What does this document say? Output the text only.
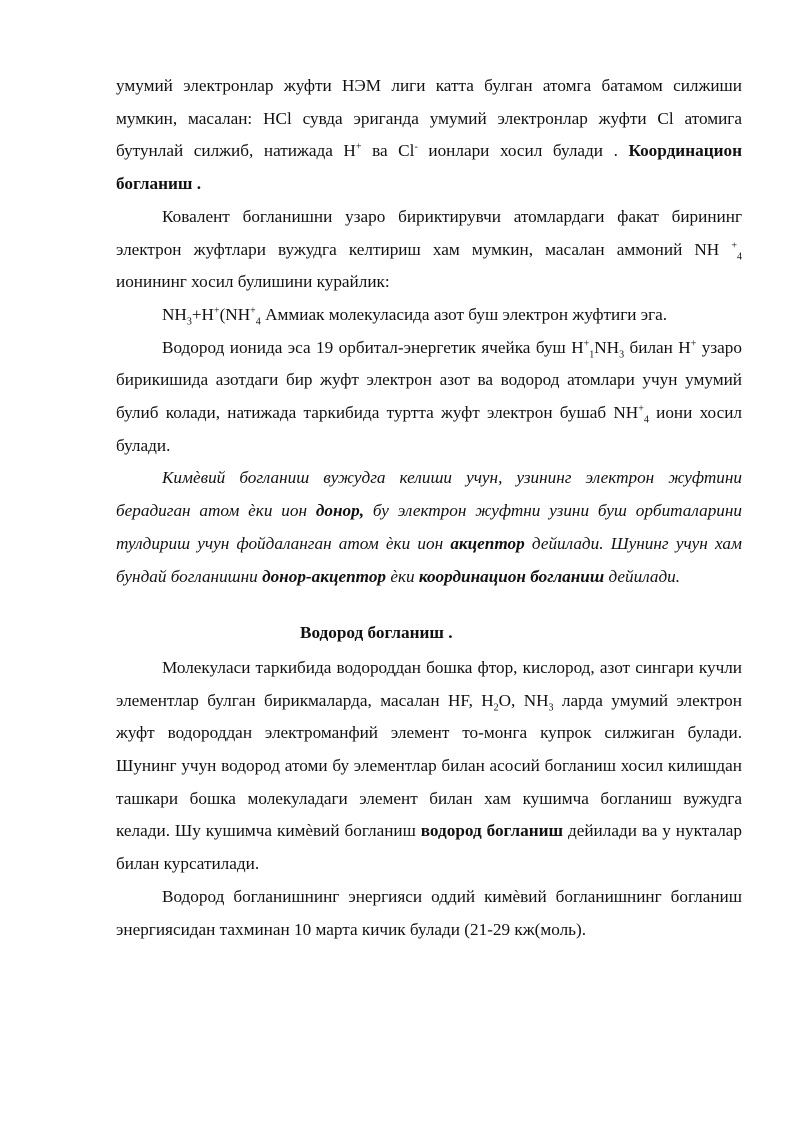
умумий электронлар жуфти НЭМ лиги катта булган атомга батамом силжиши мумкин, масалан: HCl сувда эриганда умумий электронлар жуфти Cl атомига бутунлай силжиб, натижада H+ ва Cl- ионлари хосил булади . Координацион богланиш .

Ковалент богланишни узаро бириктирувчи атомлардаги факат бирининг электрон жуфтлари вужудга келтириш хам мумкин, масалан аммоний NH +$_4$ ионининг хосил булишини курайлик:

$NH_3+H^+(NH^+_4$ Аммиак молекуласида азот буш электрон жуфтиги эга.

Водород ионида эса 19 орбитал-энергетик ячейка буш $H^+_1NH_3$ билан H+ узаро бирикишида азотдаги бир жуфт электрон азот ва водород атомлари учун умумий булиб колади, натижада таркибида туртта жуфт электрон бушаб $NH^+_4$ иони хосил булади.

Кимѐвий богланиш вужудга келиши учун, узининг электрон жуфтини берадиган атом ѐки ион донор, бу электрон жуфтни узини буш орбиталарини тулдириш учун фойдаланган атом ѐки ион акцептор дейилади. Шунинг учун хам бундай богланишни донор-акцептор ѐки координацион богланиш дейилади.

Водород богланиш .

Молекуласи таркибида водороддан бошка фтор, кислород, азот сингари кучли элементлар булган бирикмаларда, масалан HF, $H_2O$, $NH_3$ ларда умумий электрон жуфт водороддан электроманфий элемент то-монга купрок силжиган булади. Шунинг учун водород атоми бу элементлар билан асосий богланиш хосил килишдан ташкари бошка молекуладаги элемент билан хам кушимча богланиш вужудга келади. Шу кушимча кимѐвий богланиш водород богланиш дейилади ва у нукталар билан курсатилади.

Водород богланишнинг энергияси оддий кимѐвий богланишнинг богланиш энергиясидан тахминан 10 марта кичик булади (21-29 кж(моль).
